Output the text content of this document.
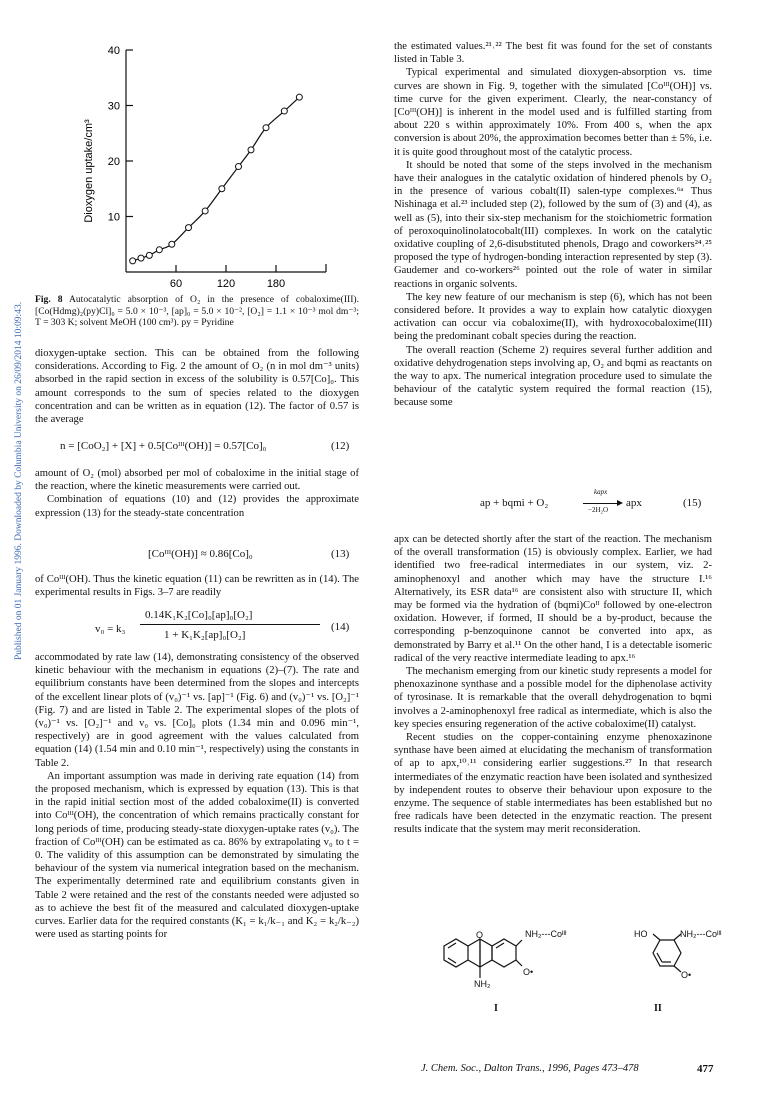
Published on 01 January 1996. Downloaded by Columbia University on 26/09/2014 10:09:43.
10
20
30
40
60	120	180
Dioxygen uptake/cm³
Fig. 8 Autocatalytic absorption of O₂ in the presence of cobaloxime(III). [Co(Hdmg)₂(py)Cl]₀ = 5.0 × 10⁻³, [ap]₀ = 5.0 × 10⁻², [O₂] = 1.1 × 10⁻³ mol dm⁻³; T = 303 K; solvent MeOH (100 cm³). py = Pyridine

dioxygen-uptake section. This can be obtained from the following considerations. According to Fig. 2 the amount of O₂ (n in mol dm⁻³ units) absorbed in the rapid section in excess of the solubility is 0.57[Co]₀. This amount corresponds to the sum of species related to the dioxygen concentration and can be written as in equation (12). The factor of 0.57 is the average

n = [CoO₂] + [X] + 0.5[Coᴵᴵᴵ(OH)] = 0.57[Co]₀	(12)

amount of O₂ (mol) absorbed per mol of cobaloxime in the initial stage of the reaction, where the kinetic measurements were carried out.

Combination of equations (10) and (12) provides the approximate expression (13) for the steady-state concentration

[Coᴵᴵᴵ(OH)] ≈ 0.86[Co]₀	(13)

of Coᴵᴵᴵ(OH). Thus the kinetic equation (11) can be rewritten as in (14). The experimental results in Figs. 3–7 are readily

v₀ = k₃
0.14K₁K₂[Co]₀[ap]₀[O₂]
1 + K₁K₂[ap]₀[O₂]
(14)

accommodated by rate law (14), demonstrating consistency of the observed kinetic behaviour with the mechanism in equations (2)–(7). The rate and equilibrium constants have been determined from the slopes and intercepts of the excellent linear plots of (v₀)⁻¹ vs. [ap]⁻¹ (Fig. 6) and (v₀)⁻¹ vs. [O₂]⁻¹ (Fig. 7) and are listed in Table 2. The experimental slopes of the plots of (v₀)⁻¹ vs. [O₂]⁻¹ and v₀ vs. [Co]₀ plots (1.34 min and 0.096 min⁻¹, respectively) are in good agreement with the values calculated from equation (14) (1.54 min and 0.10 min⁻¹, respectively) using the constants in Table 2.

An important assumption was made in deriving rate equation (14) from the proposed mechanism, which is expressed by equation (13). This is that in the rapid initial section most of the added cobaloxime(II) is converted into Coᴵᴵᴵ(OH), the concentration of which remains practically constant for long periods of time, producing steady-state dioxygen-uptake rates (v₀). The fraction of Coᴵᴵᴵ(OH) can be estimated as ca. 86% by extrapolating v₀ to t = 0. The validity of this assumption can be demonstrated by simulating the behaviour of the system via numerical integration based on the mechanism. The experimentally determined rate and equilibrium constants given in Table 2 were retained and the rest of the constants needed were adjusted so as to achieve the best fit of the measured and calculated dioxygen-uptake curves. Earlier data for the required constants (K₁ = k₁/k₋₁ and K₂ = k₂/k₋₂) were used as starting points for

the estimated values.²¹˒²² The best fit was found for the set of constants listed in Table 3.

Typical experimental and simulated dioxygen-absorption vs. time curves are shown in Fig. 9, together with the simulated [Coᴵᴵᴵ(OH)] vs. time curve for the given experiment. Clearly, the near-constancy of [Coᴵᴵᴵ(OH)] is inherent in the model used and is fulfilled starting from about 220 s within approximately 10%. From 400 s, when the apx conversion is about 20%, the approximation becomes better than ± 5%, i.e. it is quite good throughout most of the catalytic process.

It should be noted that some of the steps involved in the mechanism have their analogues in the catalytic oxidation of hindered phenols by O₂ in the presence of various cobalt(II) salen-type complexes.⁶ᵃ Thus Nishinaga et al.²³ included step (2), followed by the sum of (3) and (4), as well as (5), into their six-step mechanism for the stoichiometric formation of peroxoquinolinolatocobalt(III) complexes. In work on the catalytic oxidative coupling of 2,6-disubstituted phenols, Drago and coworkers²⁴˒²⁵ proposed the type of hydrogen-bonding interaction represented by step (3). Gaudemer and co-workers²⁶ pointed out the role of water in similar reactions in organic solvents.

The key new feature of our mechanism is step (6), which has not been considered before. It provides a way to explain how catalytic dioxygen activation can occur via cobaloxime(II), with hydroxocobaloxime(III) being the predominant cobalt species during the reaction.

The overall reaction (Scheme 2) requires several further addition and oxidative dehydrogenation steps involving ap, O₂ and bqmi as reactants on the way to apx. The numerical integration procedure used to simulate the behaviour of the catalytic system required the formal reaction (15), because some

ap + bqmi + O₂
kapx
−2H₂O
apx	(15)

apx can be detected shortly after the start of the reaction. The mechanism of the overall transformation (15) is obviously complex. Earlier, we had identified two free-radical intermediates in our system, viz. 2-aminophenoxyl and another which may have the structure I.¹⁶ Alternatively, its ESR data¹⁶ are consistent also with structure II, which may be formed via the hydration of (bqmi)Coᴵᴵ followed by one-electron oxidation. However, if formed, II should be a by-product, because the corresponding p-benzoquinone cannot be converted into apx, as demonstrated by Barry et al.¹¹ On the other hand, I is a detectable isomeric radical of the very reactive intermediate leading to apx.¹⁶

The mechanism emerging from our kinetic study represents a model for phenoxazinone synthase and a possible model for the diphenolase activity of tyrosinase. It is remarkable that the overall dehydrogenation to bqmi involves a 2-aminophenoxyl free radical as intermediate, which is also the key species ensuring regeneration of the active cobaloxime(II) catalyst.

Recent studies on the copper-containing enzyme phenoxazinone synthase have been aimed at elucidating the mechanism of transformation of ap to apx,¹⁰˒¹¹ considering earlier suggestions.²⁷ In that research intermediates of the enzymatic reaction have been isolated and synthesized by independent routes to observe their behaviour upon exposure to the enzyme. The sequence of stable intermediates has been established but no free radicals have been detected in the enzymatic reaction. The present results indicate that the system may merit reconsideration.

O
NH₂
NH₂---Coᴵᴵᴵ
O•
I
HO	NH₂---Coᴵᴵᴵ
O•
II
J. Chem. Soc., Dalton Trans., 1996, Pages 473–478	477
